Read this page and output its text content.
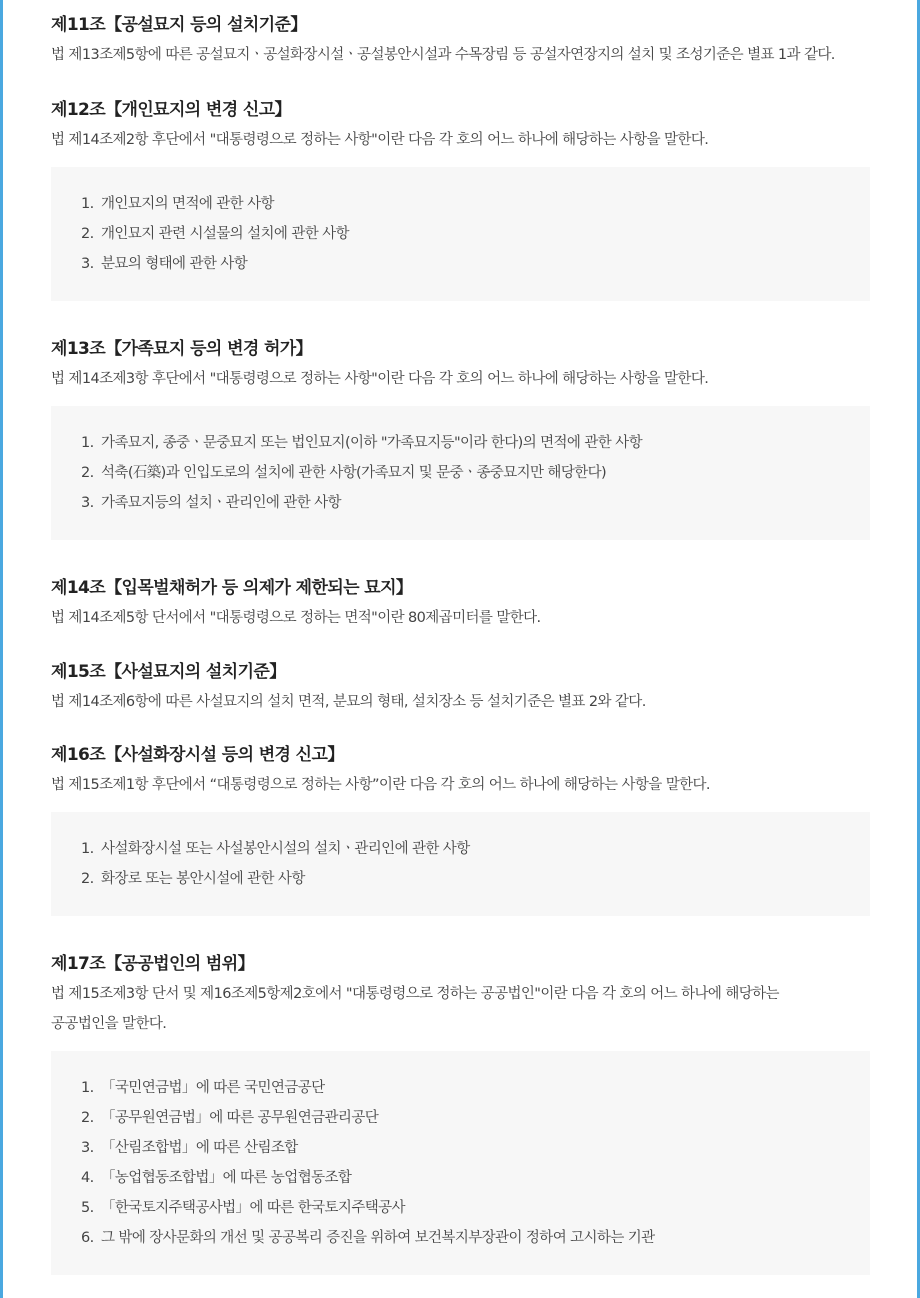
제11조【공설묘지 등의 설치기준】

법 제13조제5항에 따른 공설묘지ㆍ공설화장시설ㆍ공설봉안시설과 수목장림 등 공설자연장지의 설치 및 조성기준은 별표 1과 같다.

제12조【개인묘지의 변경 신고】

법 제14조제2항 후단에서 "대통령령으로 정하는 사항"이란 다음 각 호의 어느 하나에 해당하는 사항을 말한다.

1. 개인묘지의 면적에 관한 사항
2. 개인묘지 관련 시설물의 설치에 관한 사항
3. 분묘의 형태에 관한 사항
제13조【가족묘지 등의 변경 허가】

법 제14조제3항 후단에서 "대통령령으로 정하는 사항"이란 다음 각 호의 어느 하나에 해당하는 사항을 말한다.

1. 가족묘지, 종중ㆍ문중묘지 또는 법인묘지(이하 "가족묘지등"이라 한다)의 면적에 관한 사항
2. 석축(石築)과 인입도로의 설치에 관한 사항(가족묘지 및 문중ㆍ종중묘지만 해당한다)
3. 가족묘지등의 설치ㆍ관리인에 관한 사항
제14조【입목벌채허가 등 의제가 제한되는 묘지】

법 제14조제5항 단서에서 "대통령령으로 정하는 면적"이란 80제곱미터를 말한다.

제15조【사설묘지의 설치기준】

법 제14조제6항에 따른 사설묘지의 설치 면적, 분묘의 형태, 설치장소 등 설치기준은 별표 2와 같다.

제16조【사설화장시설 등의 변경 신고】

법 제15조제1항 후단에서 “대통령령으로 정하는 사항”이란 다음 각 호의 어느 하나에 해당하는 사항을 말한다.

1. 사설화장시설 또는 사설봉안시설의 설치ㆍ관리인에 관한 사항
2. 화장로 또는 봉안시설에 관한 사항
제17조【공공법인의 범위】

법 제15조제3항 단서 및 제16조제5항제2호에서 "대통령령으로 정하는 공공법인"이란 다음 각 호의 어느 하나에 해당하는

공공법인을 말한다.

1. 「국민연금법」에 따른 국민연금공단
2. 「공무원연금법」에 따른 공무원연금관리공단
3. 「산림조합법」에 따른 산림조합
4. 「농업협동조합법」에 따른 농업협동조합
5. 「한국토지주택공사법」에 따른 한국토지주택공사
6. 그 밖에 장사문화의 개선 및 공공복리 증진을 위하여 보건복지부장관이 정하여 고시하는 기관
